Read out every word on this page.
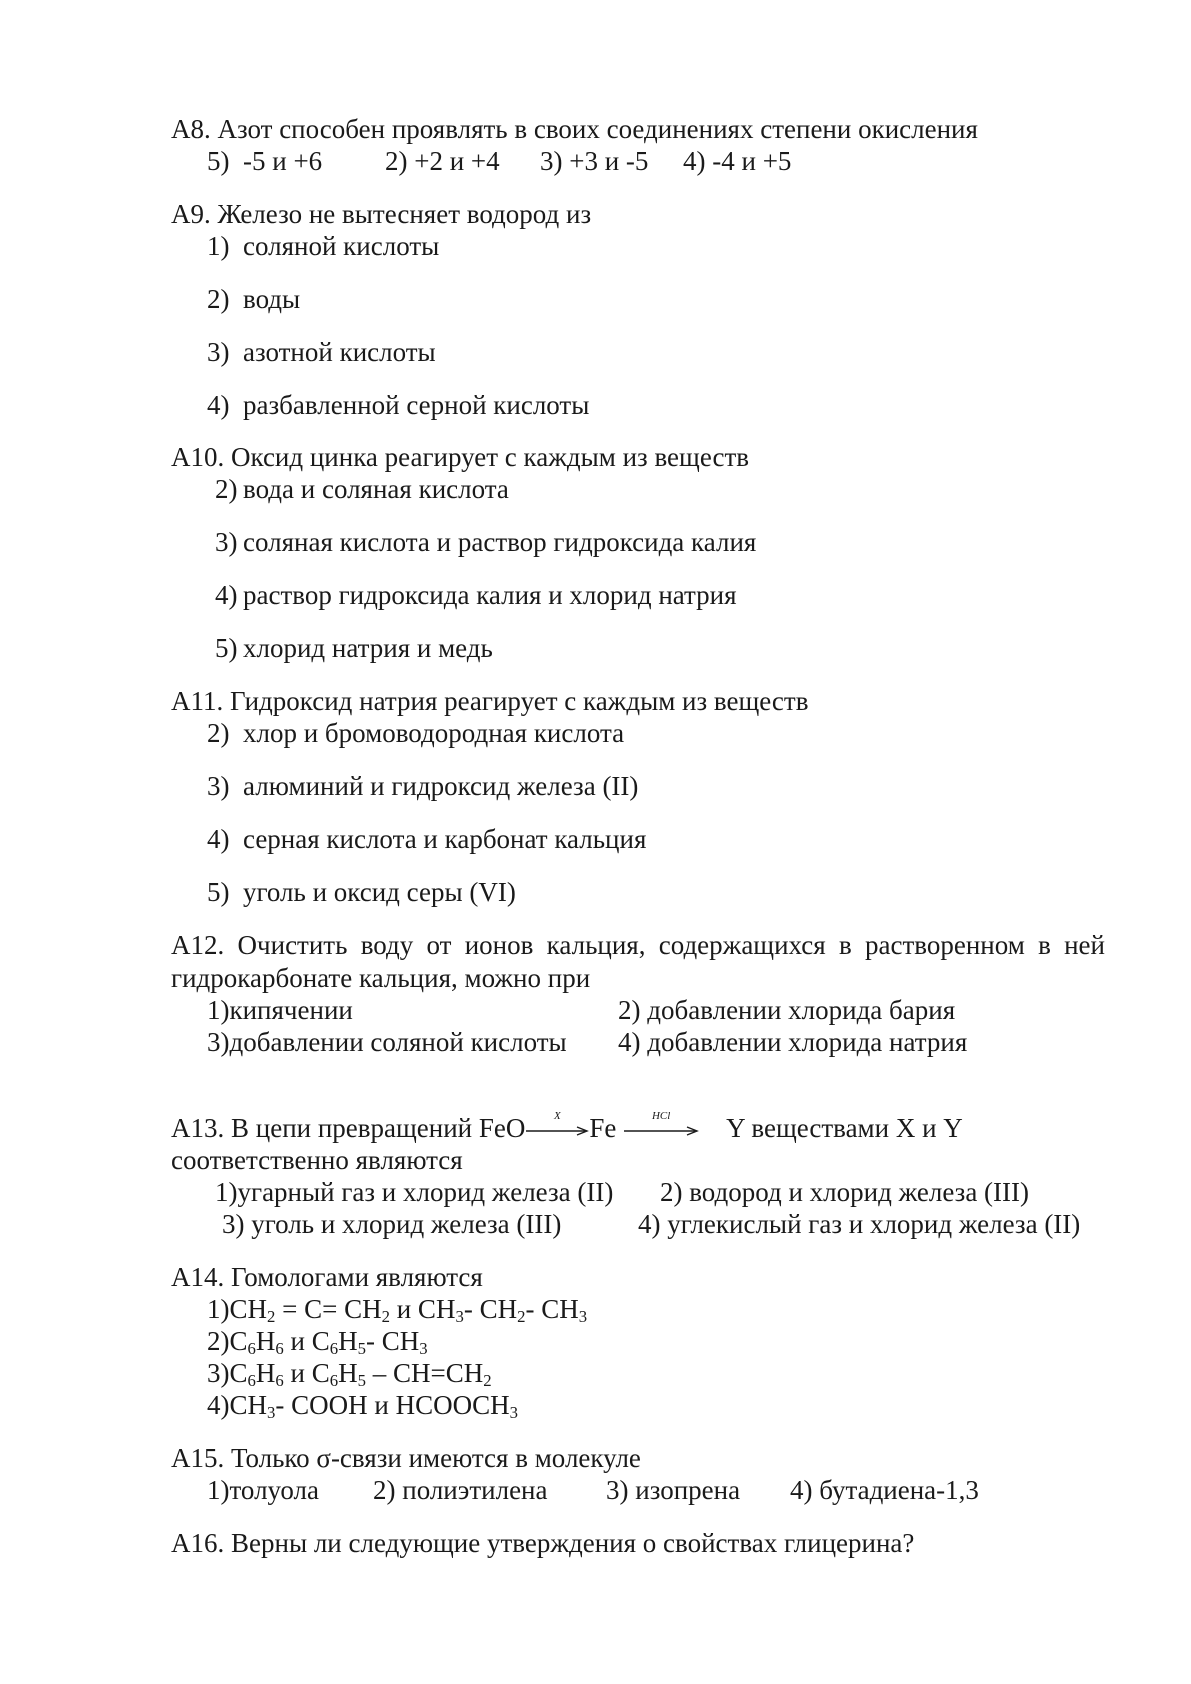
А8. Азот способен проявлять в своих соединениях степени окисления
5) -5 и +6 2) +2 и +4 3) +3 и -5 4) -4 и +5
А9. Железо не вытесняет водород из
1) соляной кислоты
2) воды
3) азотной кислоты
4) разбавленной серной кислоты
А10. Оксид цинка реагирует с каждым из веществ
2) вода и соляная кислота
3) соляная кислота и раствор гидроксида калия
4) раствор гидроксида калия и хлорид натрия
5) хлорид натрия и медь
А11. Гидроксид натрия реагирует с каждым из веществ
2) хлор и бромоводородная кислота
3) алюминий и гидроксид железа (II)
4) серная кислота и карбонат кальция
5) уголь и оксид серы (VI)
А12. Очистить воду от ионов кальция, содержащихся в растворенном в ней
гидрокарбонате кальция, можно при
1)кипячении	2) добавлении хлорида бария
3)добавлении соляной кислоты 4) добавлении хлорида натрия
А13. В цепи превращений FeO	X	Fe	HCl	Y веществами X и Y
соответственно являются
1)угарный газ и хлорид железа (II) 2) водород и хлорид железа (III)
3) уголь и хлорид железа (III)	4) углекислый газ и хлорид железа (II)
А14. Гомологами являются
$1)CH_2 = C= CH_2$ и $CH_3-$ $CH_2-$ $CH_3$
$2)C_6H_6$ и $C_6H_5-$ $CH_3$
$3)C_6H_6$ и $C_6H_5 - CH=CH_2$
$4)CH_3-$ COOH и $HCOOCH_3$
А15. Только σ-связи имеются в молекуле
1)толуола 2) полиэтилена 3) изопрена 4) бутадиена-1,3
А16. Верны ли следующие утверждения о свойствах глицерина?
